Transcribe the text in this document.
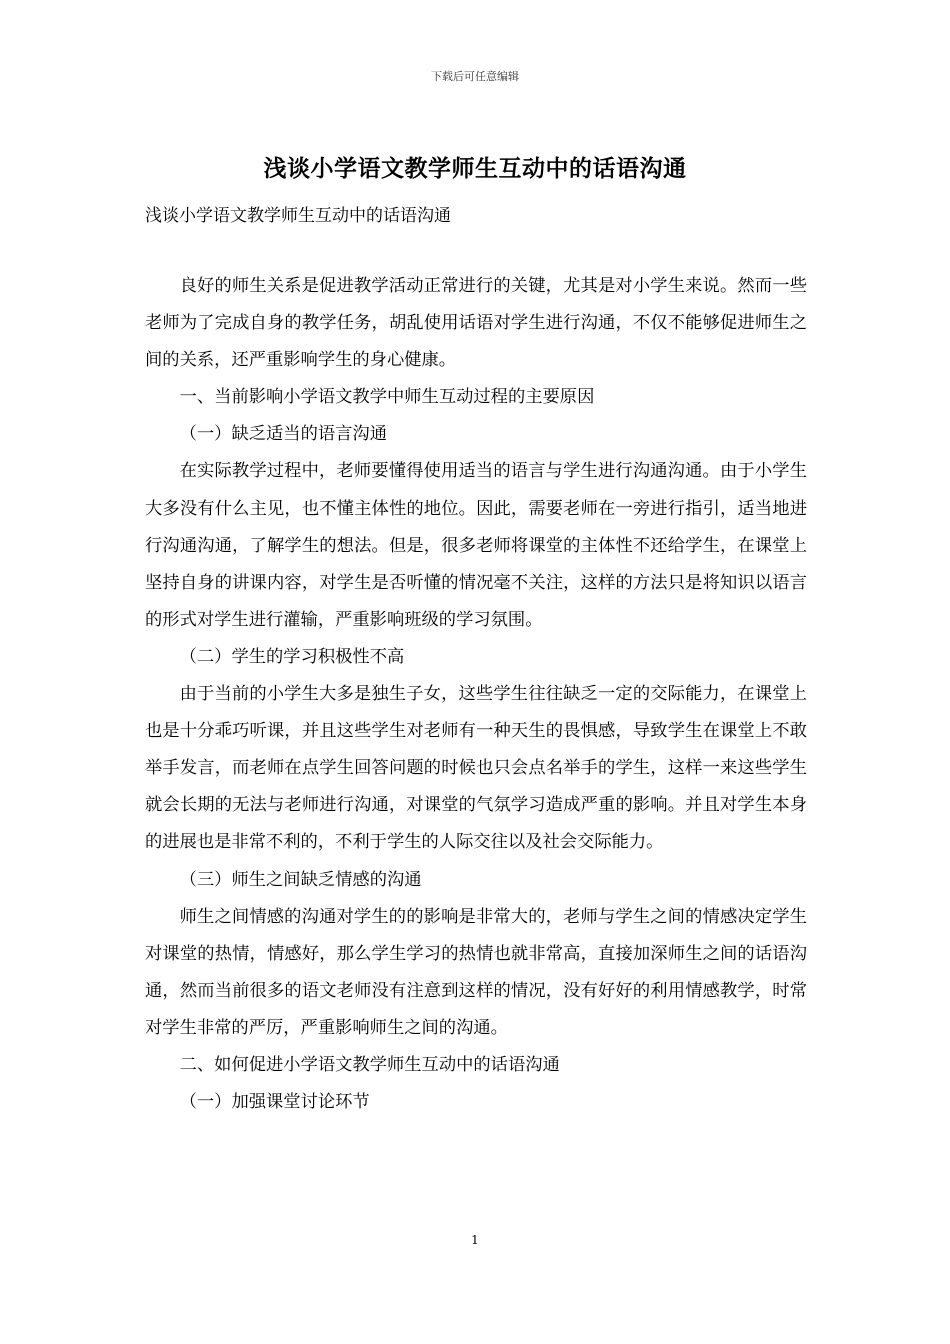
下载后可任意编辑
浅谈小学语文教学师生互动中的话语沟通
浅谈小学语文教学师生互动中的话语沟通

良好的师生关系是促进教学活动正常进行的关键，尤其是对小学生来说。然而一些老师为了完成自身的教学任务，胡乱使用话语对学生进行沟通，不仅不能够促进师生之间的关系，还严重影响学生的身心健康。

一、当前影响小学语文教学中师生互动过程的主要原因

（一）缺乏适当的语言沟通

在实际教学过程中，老师要懂得使用适当的语言与学生进行沟通沟通。由于小学生大多没有什么主见，也不懂主体性的地位。因此，需要老师在一旁进行指引，适当地进行沟通沟通，了解学生的想法。但是，很多老师将课堂的主体性不还给学生，在课堂上坚持自身的讲课内容，对学生是否听懂的情况毫不关注，这样的方法只是将知识以语言的形式对学生进行灌输，严重影响班级的学习氛围。

（二）学生的学习积极性不高

由于当前的小学生大多是独生子女，这些学生往往缺乏一定的交际能力，在课堂上也是十分乖巧听课，并且这些学生对老师有一种天生的畏惧感，导致学生在课堂上不敢举手发言，而老师在点学生回答问题的时候也只会点名举手的学生，这样一来这些学生就会长期的无法与老师进行沟通，对课堂的气氛学习造成严重的影响。并且对学生本身的进展也是非常不利的，不利于学生的人际交往以及社会交际能力。

（三）师生之间缺乏情感的沟通

师生之间情感的沟通对学生的的影响是非常大的，老师与学生之间的情感决定学生对课堂的热情，情感好，那么学生学习的热情也就非常高，直接加深师生之间的话语沟通，然而当前很多的语文老师没有注意到这样的情况，没有好好的利用情感教学，时常对学生非常的严厉，严重影响师生之间的沟通。

二、如何促进小学语文教学师生互动中的话语沟通

（一）加强课堂讨论环节

1
